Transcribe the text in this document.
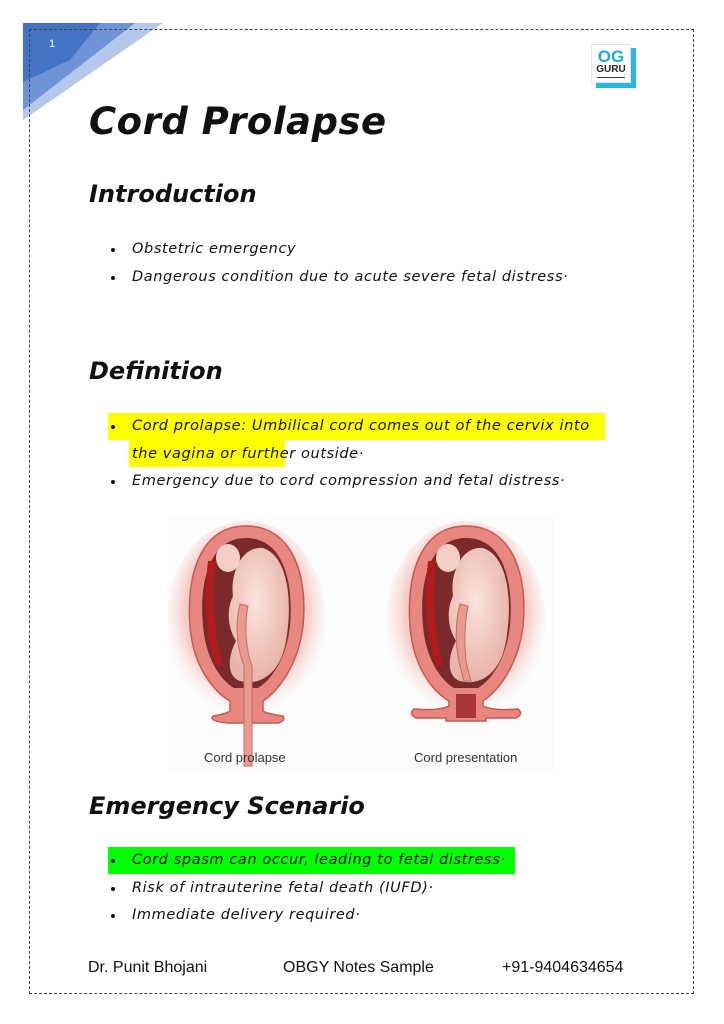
1
OG
GURU
Cord Prolapse
Introduction
Obstetric emergency
Dangerous condition due to acute severe fetal distress·
Definition
Cord prolapse: Umbilical cord comes out of the cervix into
the vagina or further outside·
Emergency due to cord compression and fetal distress·
Cord prolapse	Cord presentation
Emergency Scenario
Cord spasm can occur, leading to fetal distress·
Risk of intrauterine fetal death (IUFD)·
Immediate delivery required·
Dr. Punit Bhojani	OBGY Notes Sample	+91-9404634654
